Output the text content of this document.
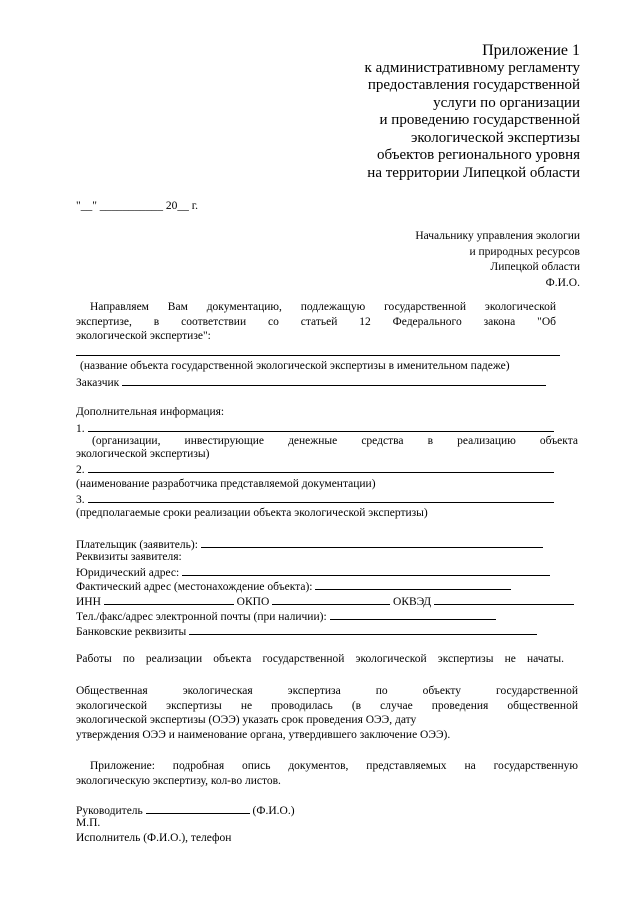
Приложение 1
к административному регламенту
предоставления государственной
услуги по организации
и проведению государственной
экологической экспертизы
объектов регионального уровня
на территории Липецкой области
"__" ___________ 20__ г.
Начальнику управления экологии
и природных ресурсов
Липецкой области
Ф.И.О.
Направляем Вам документацию, подлежащую государственной экологической
экспертизе, в соответствии со статьей 12 Федерального закона "Об
экологической экспертизе":
(название объекта государственной экологической экспертизы в именительном падеже)
Заказчик
Дополнительная информация:
1.
(организации, инвестирующие денежные средства в реализацию объекта
экологической экспертизы)
2.
(наименование разработчика представляемой документации)
3.
(предполагаемые сроки реализации объекта экологической экспертизы)
Плательщик (заявитель):
Реквизиты заявителя:
Юридический адрес:
Фактический адрес (местонахождение объекта):
ИНН	ОКПО	ОКВЭД
Тел./факс/адрес электронной почты (при наличии):
Банковские реквизиты
Работы по реализации объекта государственной экологической экспертизы не начаты.
Общественная экологическая экспертиза по объекту государственной
экологической экспертизы не проводилась (в случае проведения общественной
экологической экспертизы (ОЭЭ) указать срок проведения ОЭЭ, дату
утверждения ОЭЭ и наименование органа, утвердившего заключение ОЭЭ).
Приложение: подробная опись документов, представляемых на государственную
экологическую экспертизу, кол-во листов.
Руководитель	(Ф.И.О.)
М.П.
Исполнитель (Ф.И.О.), телефон
